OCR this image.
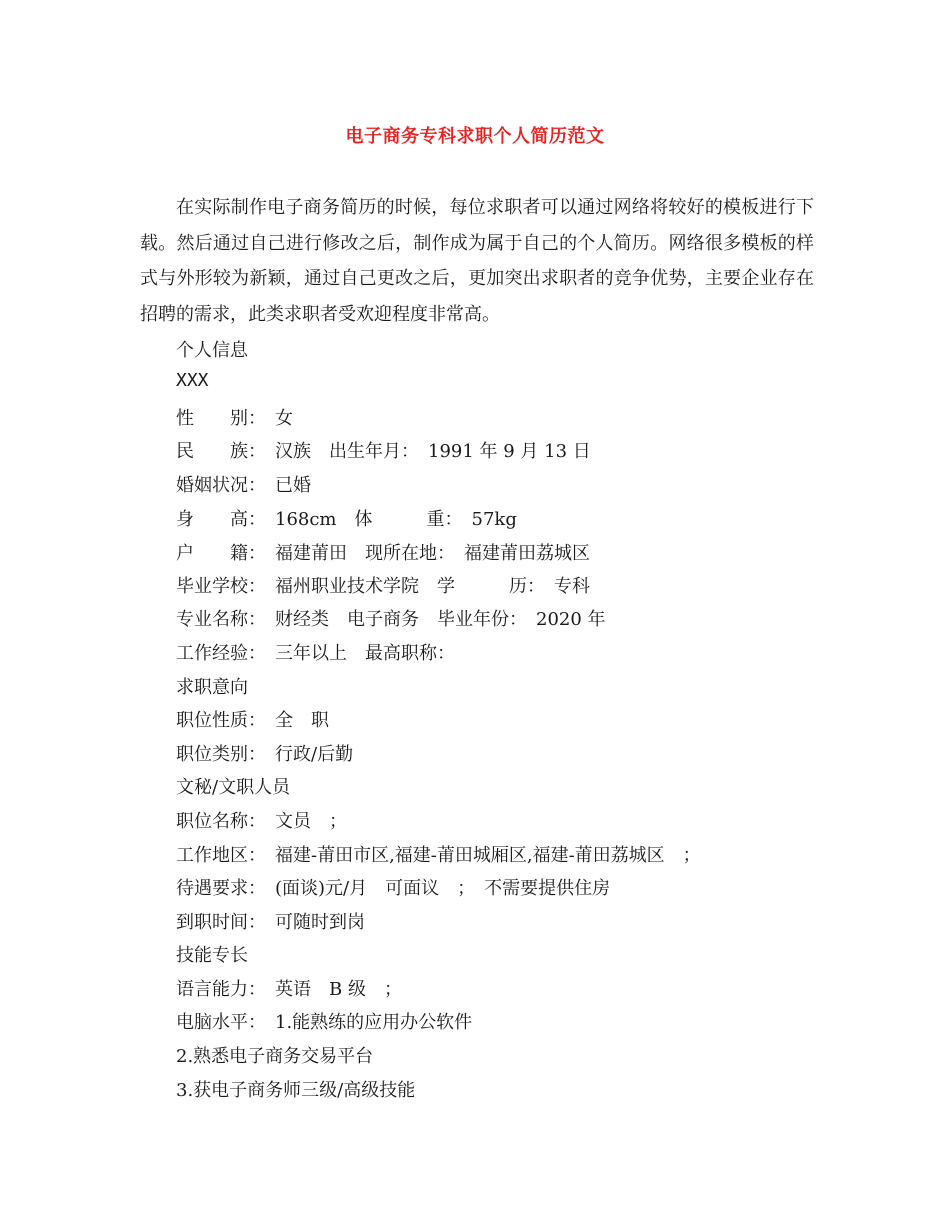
电子商务专科求职个人简历范文
在实际制作电子商务简历的时候，每位求职者可以通过网络将较好的模板进行下载。然后通过自己进行修改之后，制作成为属于自己的个人简历。网络很多模板的样式与外形较为新颖，通过自己更改之后，更加突出求职者的竞争优势，主要企业存在招聘的需求，此类求职者受欢迎程度非常高。
个人信息
XXX
性　　别：　女
民　　族：　汉族　出生年月：　1991 年 9 月 13 日
婚姻状况：　已婚
身　　高：　168cm　体　　　重：　57kg
户　　籍：　福建莆田　现所在地：　福建莆田荔城区
毕业学校：　福州职业技术学院　学　　　历：　专科
专业名称：　财经类　电子商务　毕业年份：　2020 年
工作经验：　三年以上　最高职称：
求职意向
职位性质：　全　职
职位类别：　行政/后勤
文秘/文职人员
职位名称：　文员　；
工作地区：　福建-莆田市区,福建-莆田城厢区,福建-莆田荔城区　；
待遇要求：　(面谈)元/月　可面议　；　不需要提供住房
到职时间：　可随时到岗
技能专长
语言能力：　英语　B 级　；
电脑水平：　1.能熟练的应用办公软件
2.熟悉电子商务交易平台
3.获电子商务师三级/高级技能
